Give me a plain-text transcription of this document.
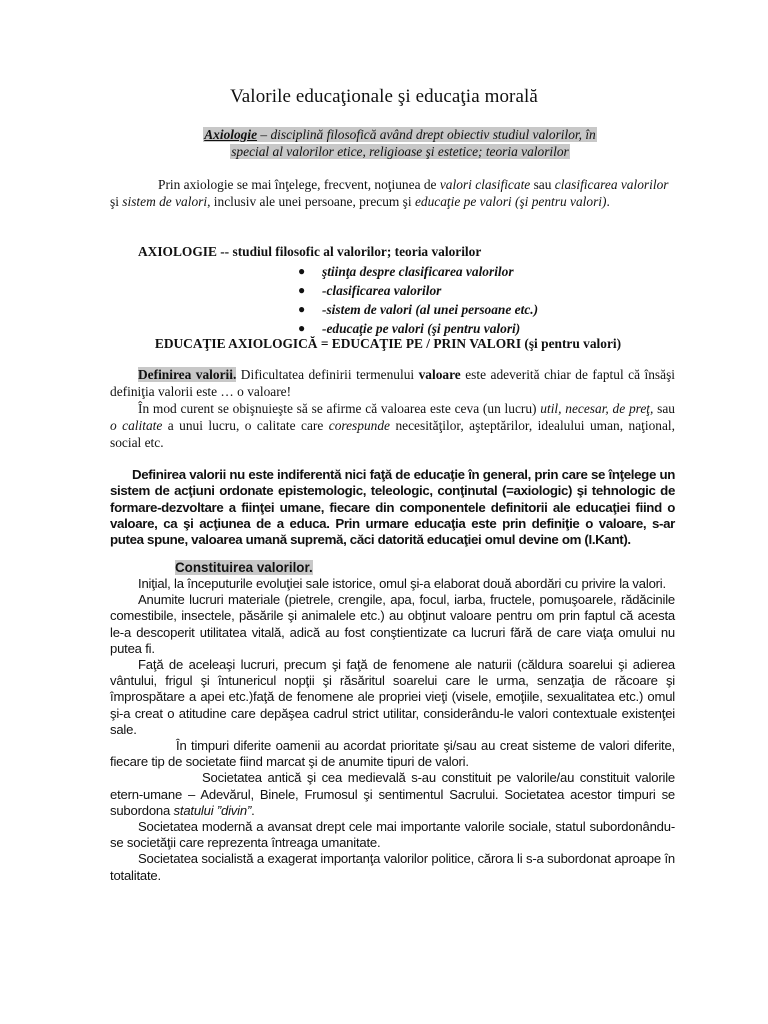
Valorile educaţionale şi educaţia morală
Axiologie – disciplină filosofică având drept obiectiv studiul valorilor, în
special al valorilor etice, religioase şi estetice; teoria valorilor

Prin axiologie se mai înţelege, frecvent, noţiunea de valori clasificate sau clasificarea valorilor şi sistem de valori, inclusiv ale unei persoane, precum şi educaţie pe valori (şi pentru valori).

AXIOLOGIE -- studiul filosofic al valorilor; teoria valorilor
● ştiinţa despre clasificarea valorilor
● -clasificarea valorilor
● -sistem de valori (al unei persoane etc.)
● -educaţie pe valori (şi pentru valori)
EDUCAŢIE AXIOLOGICĂ = EDUCAŢIE PE / PRIN VALORI (şi pentru valori)

Definirea valorii. Dificultatea definirii termenului valoare este adeverită chiar de faptul că însăşi definiţia valorii este … o valoare!

În mod curent se obişnuieşte să se afirme că valoarea este ceva (un lucru) util, necesar, de preţ, sau o calitate a unui lucru, o calitate care corespunde necesităţilor, aşteptărilor, idealului uman, naţional, social etc.

Definirea valorii nu este indiferentă nici faţă de educaţie în general, prin care se înţelege un sistem de acţiuni ordonate epistemologic, teleologic, conţinutal (=axiologic) şi tehnologic de formare-dezvoltare a fiinţei umane, fiecare din componentele definitorii ale educaţiei fiind o valoare, ca şi acţiunea de a educa. Prin urmare educaţia este prin definiţie o valoare, s-ar putea spune, valoarea umană supremă, căci datorită educaţiei omul devine om (I.Kant).
Constituirea valorilor.

Iniţial, la începuturile evoluţiei sale istorice, omul şi-a elaborat două abordări cu privire la valori.

Anumite lucruri materiale (pietrele, crengile, apa, focul, iarba, fructele, pomuşoarele, rădăcinile comestibile, insectele, păsările şi animalele etc.) au obţinut valoare pentru om prin faptul că acesta le-a descoperit utilitatea vitală, adică au fost conştientizate ca lucruri fără de care viaţa omului nu putea fi.

Faţă de aceleaşi lucruri, precum şi faţă de fenomene ale naturii (căldura soarelui şi adierea vântului, frigul şi întunericul nopţii şi răsăritul soarelui care le urma, senzaţia de răcoare şi împrospătare a apei etc.)faţă de fenomene ale propriei vieţi (visele, emoţiile, sexualitatea etc.) omul şi-a creat o atitudine care depăşea cadrul strict utilitar, considerându-le valori contextuale existenţei sale.

În timpuri diferite oamenii au acordat prioritate şi/sau au creat sisteme de valori diferite, fiecare tip de societate fiind marcat şi de anumite tipuri de valori.

Societatea antică şi cea medievală s-au constituit pe valorile/au constituit valorile etern-umane – Adevărul, Binele, Frumosul şi sentimentul Sacrului. Societatea acestor timpuri se subordona statului ”divin”.

Societatea modernă a avansat drept cele mai importante valorile sociale, statul subordonându-se societăţii care reprezenta întreaga umanitate.

Societatea socialistă a exagerat importanţa valorilor politice, cărora li s-a subordonat aproape în totalitate.
